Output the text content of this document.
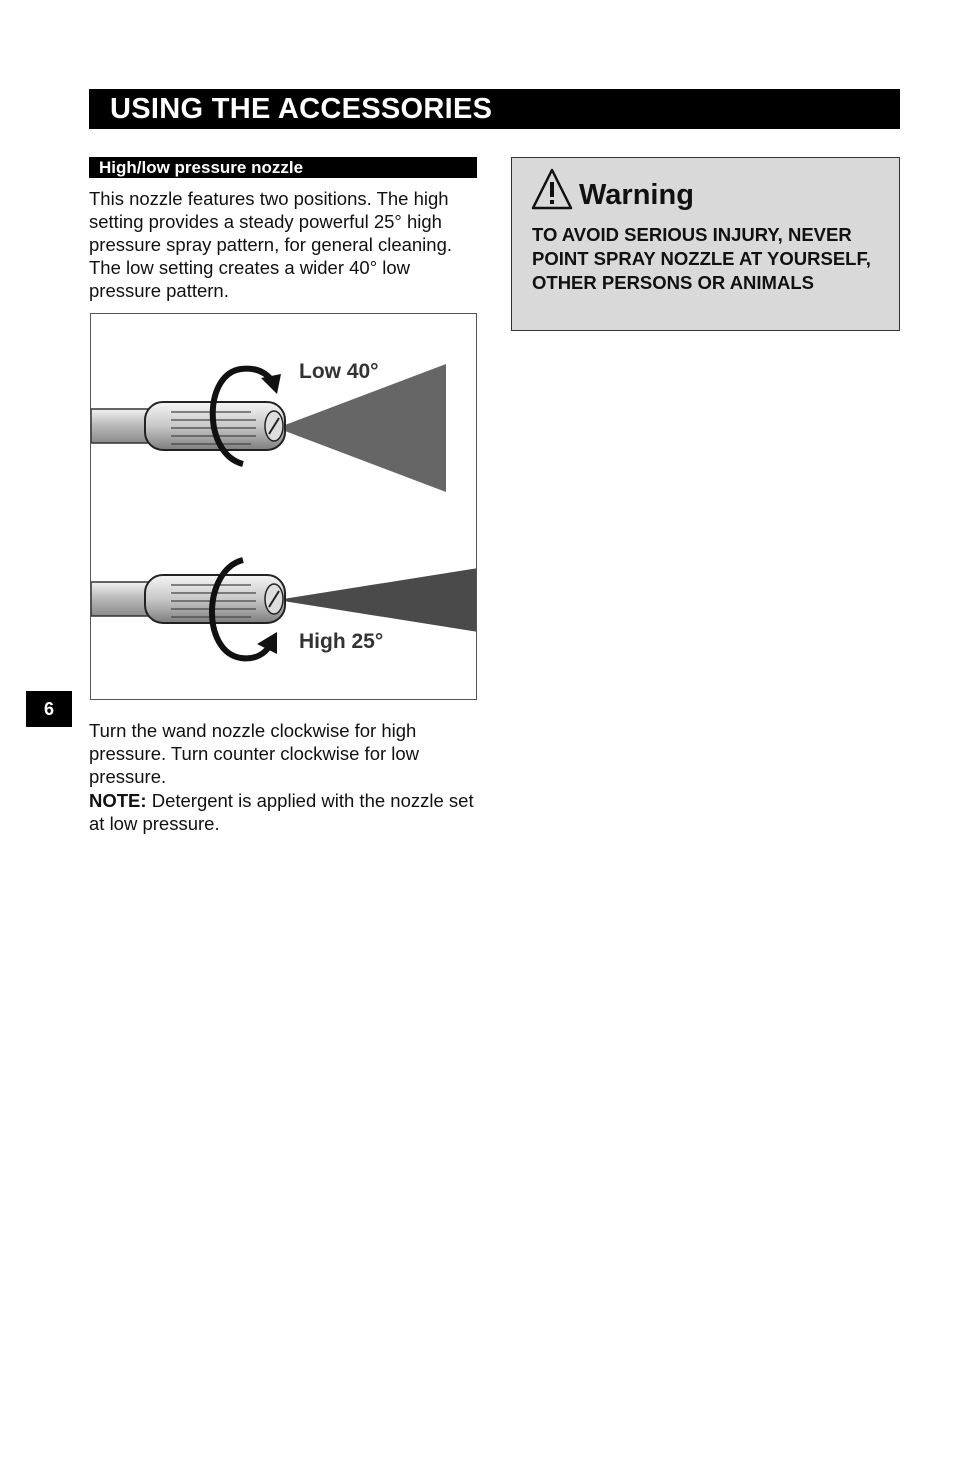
USING THE ACCESSORIES
High/low pressure nozzle

This nozzle features two positions. The high setting provides a steady powerful 25° high pressure spray pattern, for general cleaning. The low setting creates a wider 40° low pressure pattern.

Low 40°
High 25°

Turn the wand nozzle clockwise for high pressure. Turn counter clockwise for low pressure.

NOTE: Detergent is applied with the nozzle set at low pressure.

6
Warning

TO AVOID SERIOUS INJURY, NEVER POINT SPRAY NOZZLE AT YOURSELF, OTHER PERSONS OR ANIMALS
